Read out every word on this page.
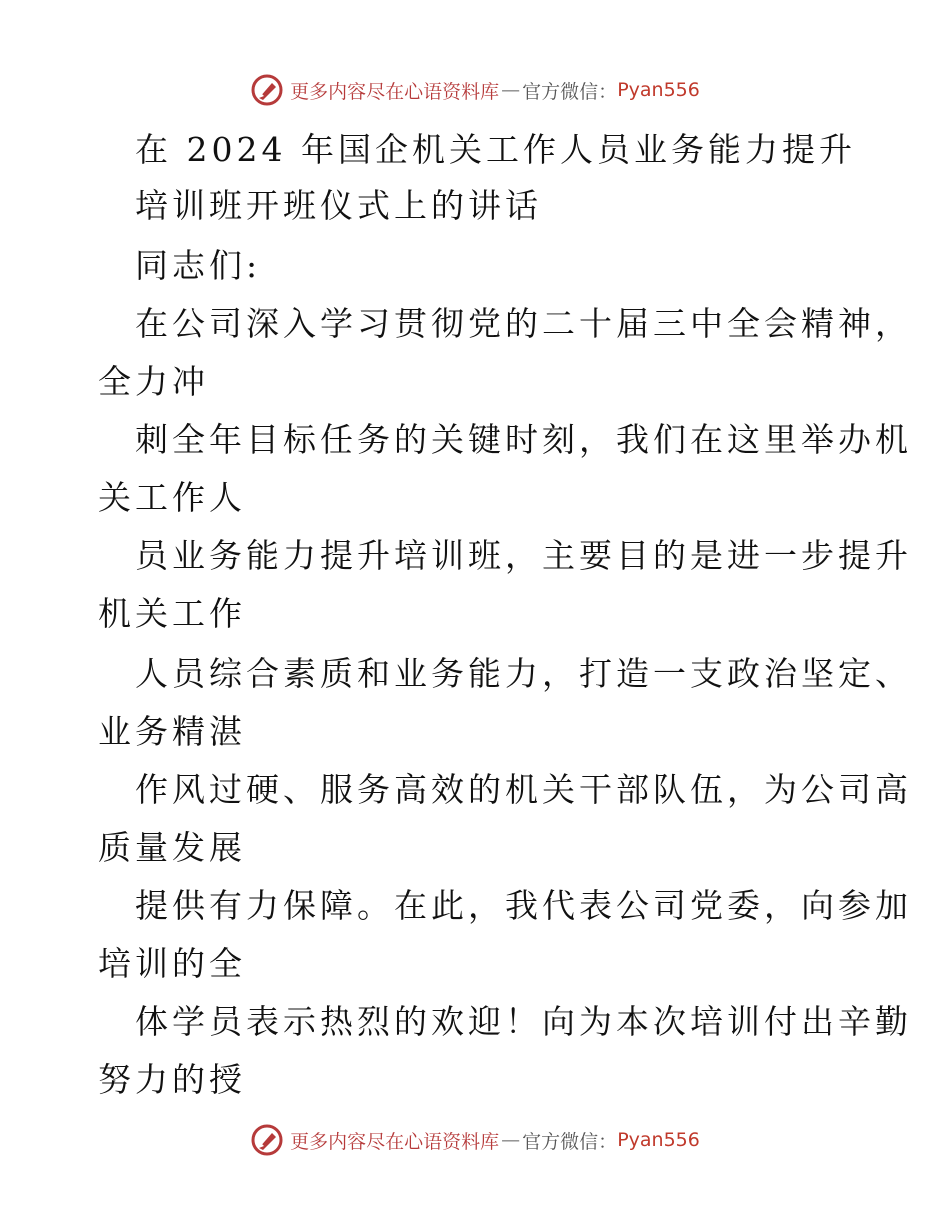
更多内容尽在心语资料库 — 官方微信： Pyan556
在 2024 年国企机关工作人员业务能力提升
培训班开班仪式上的讲话
同志们:
在公司深入学习贯彻党的二十届三中全会精神，
全力冲
刺全年目标任务的关键时刻，我们在这里举办机
关工作人
员业务能力提升培训班，主要目的是进一步提升
机关工作
人员综合素质和业务能力，打造一支政治坚定、
业务精湛
作风过硬、服务高效的机关干部队伍，为公司高
质量发展
提供有力保障。在此，我代表公司党委，向参加
培训的全
体学员表示热烈的欢迎！向为本次培训付出辛勤
努力的授
更多内容尽在心语资料库 — 官方微信： Pyan556
